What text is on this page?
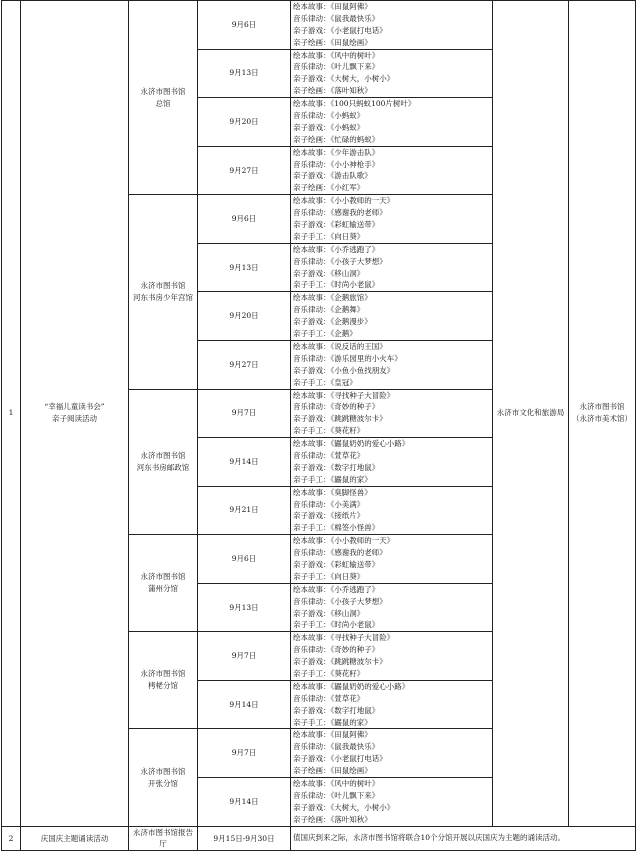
1	“幸福儿童读书会”
亲子阅读活动	永济市图书馆
总馆	9月6日	绘本故事：《田鼠阿佛》
音乐律动：《鼠我最快乐》
亲子游戏：《小老鼠打电话》
亲子绘画：《田鼠绘画》	永济市文化和旅游局	永济市图书馆
（永济市美术馆）

			9月13日	绘本故事：《风中的树叶》
音乐律动：《叶儿飘下来》
亲子游戏：《大树大，小树小》
亲子绘画：《落叶知秋》		

			9月20日	绘本故事：《100只蚂蚁100片树叶》
音乐律动：《小蚂蚁》
亲子游戏：《小蚂蚁》
亲子绘画：《忙碌的蚂蚁》		

			9月27日	绘本故事：《少年游击队》
音乐律动：《小小神枪手》
亲子游戏：《游击队歌》
亲子绘画：《小红军》		

		永济市图书馆
河东书房少年宫馆	9月6日	绘本故事：《小小教师的一天》
音乐律动：《感谢我的老师》
亲子游戏：《彩虹输送带》
亲子手工：《向日葵》		

			9月13日	绘本故事：《小乔逃跑了》
音乐律动：《小孩子大梦想》
亲子游戏：《移山洞》
亲子手工：《时尚小老鼠》		

			9月20日	绘本故事：《企鹅旅馆》
音乐律动：《企鹅舞》
亲子游戏：《企鹅漫步》
亲子手工：《企鹅》		

			9月27日	绘本故事：《说反话的王国》
音乐律动：《游乐园里的小火车》
亲子游戏：《小鱼小鱼找朋友》
亲子手工：《皇冠》		

		永济市图书馆
河东书房邮政馆	9月7日	绘本故事：《寻找种子大冒险》
音乐律动：《奇妙的种子》
亲子游戏：《跳跳糖波尔卡》
亲子手工：《葵花籽》		

			9月14日	绘本故事：《鼹鼠奶奶的爱心小路》
音乐律动：《萱草花》
亲子游戏：《数字打地鼠》
亲子手工：《鼹鼠的家》		

			9月21日	绘本故事：《臭脚怪兽》
音乐律动：《小美满》
亲子游戏：《接纸片》
亲子手工：《棉签小怪兽》		

		永济市图书馆
蒲州分馆	9月6日	绘本故事：《小小教师的一天》
音乐律动：《感谢我的老师》
亲子游戏：《彩虹输送带》
亲子手工：《向日葵》		

			9月13日	绘本故事：《小乔逃跑了》
音乐律动：《小孩子大梦想》
亲子游戏：《移山洞》
亲子手工：《时尚小老鼠》		

		永济市图书馆
栲栳分馆	9月7日	绘本故事：《寻找种子大冒险》
音乐律动：《奇妙的种子》
亲子游戏：《跳跳糖波尔卡》
亲子手工：《葵花籽》		

			9月14日	绘本故事：《鼹鼠奶奶的爱心小路》
音乐律动：《萱草花》
亲子游戏：《数字打地鼠》
亲子手工：《鼹鼠的家》		

		永济市图书馆
开张分馆	9月7日	绘本故事：《田鼠阿佛》
音乐律动：《鼠我最快乐》
亲子游戏：《小老鼠打电话》
亲子绘画：《田鼠绘画》		

			9月14日	绘本故事：《风中的树叶》
音乐律动：《叶儿飘下来》
亲子游戏：《大树大，小树小》
亲子绘画：《落叶知秋》		

2	庆国庆主题诵读活动	永济市图书馆报告
厅	9月15日-9月30日	值国庆到来之际，永济市图书馆将联合10个分馆开展以庆国庆为主题的诵读活动。		
